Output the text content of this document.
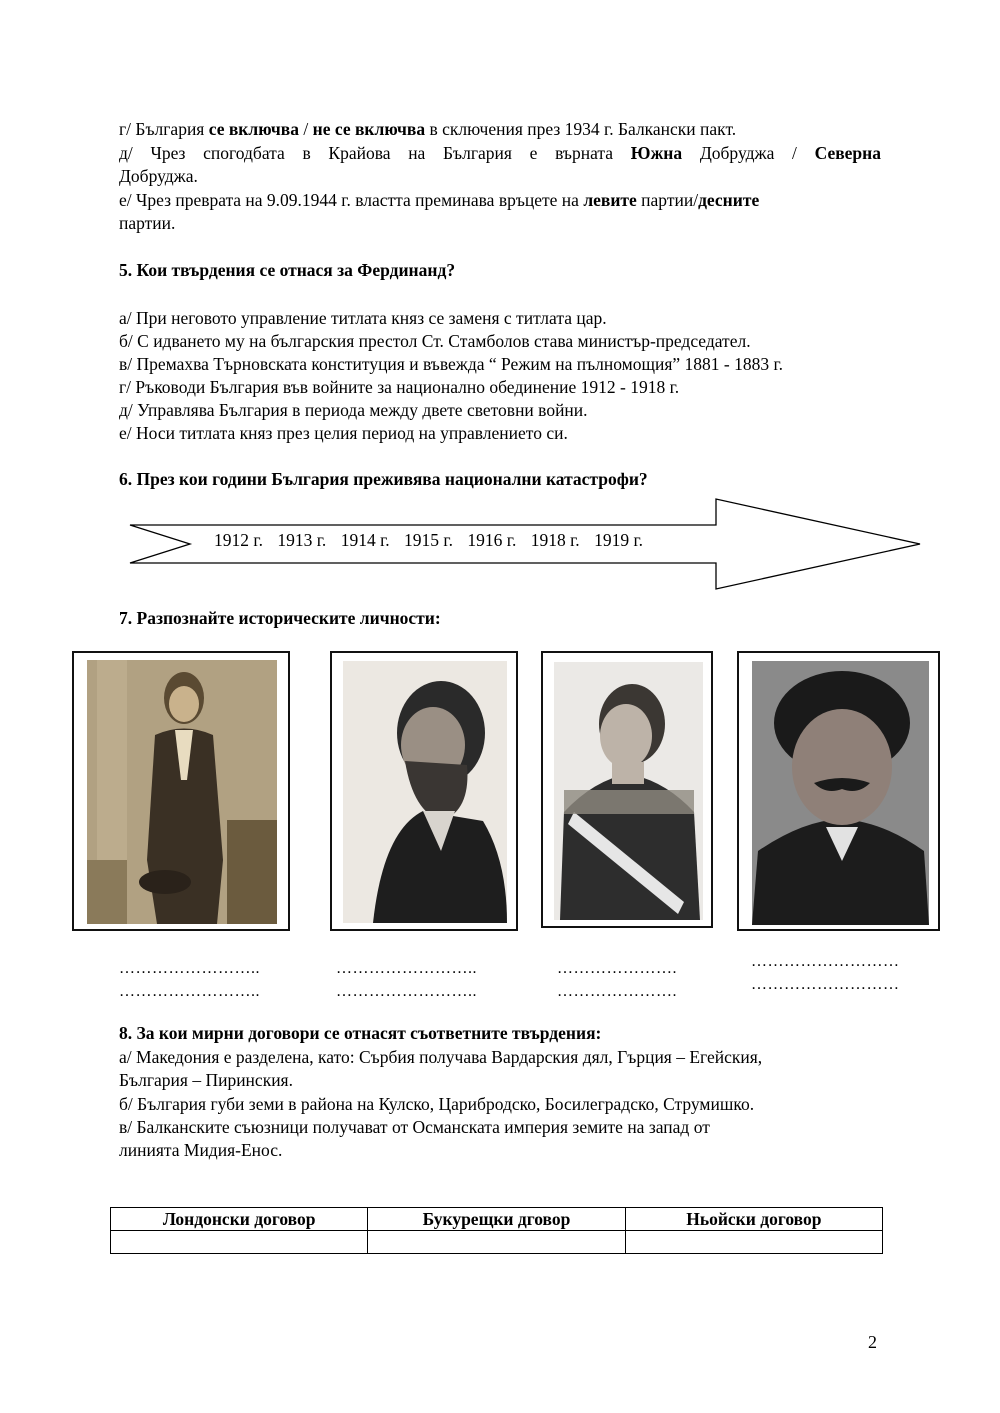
г/ България се включва / не се включва в сключения през 1934 г. Балкански пакт.
д/ Чрез спогодбата в Крайова на България е върната Южна Добруджа / Северна
Добруджа.
е/ Чрез превратa на 9.09.1944 г. властта преминава връцете на левите партии/десните
партии.
5. Кои твърдения се отнася за Фердинанд?
а/ При неговото управление титлата княз се заменя с титлата цар.
б/ С идването му на българския престол Ст. Стамболов става министър-председател.
в/ Премахва Търновската конституция и въвежда “ Режим на пълномощия” 1881 - 1883 г.
г/ Ръководи България във войните за национално обединение 1912 - 1918 г.
д/ Управлява България в периода между двете световни войни.
е/ Носи титлата княз през целия период на управлението си.
6. През кои години България преживява национални катастрофи?
1912 г. 1913 г. 1914 г. 1915 г. 1916 г. 1918 г. 1919 г.
7. Разпознайте историческите личности:
……………………..
……………………..
……………………..
……………………..
………………….
………………….
………………………
………………………
8. За кои мирни договори се отнасят съответните твърдения:
а/ Македония е разделена, като: Сърбия получава Вардарския дял, Гърция – Егейския,
България – Пиринския.
б/ България губи земи в района на Кулско, Царибродско, Босилеградско, Струмишко.
в/ Балканските съюзници получават от Османската империя земите на запад от
линията Мидия-Енос.
Лондонски договор	Букурещки дговор	Ньойски договор

2
